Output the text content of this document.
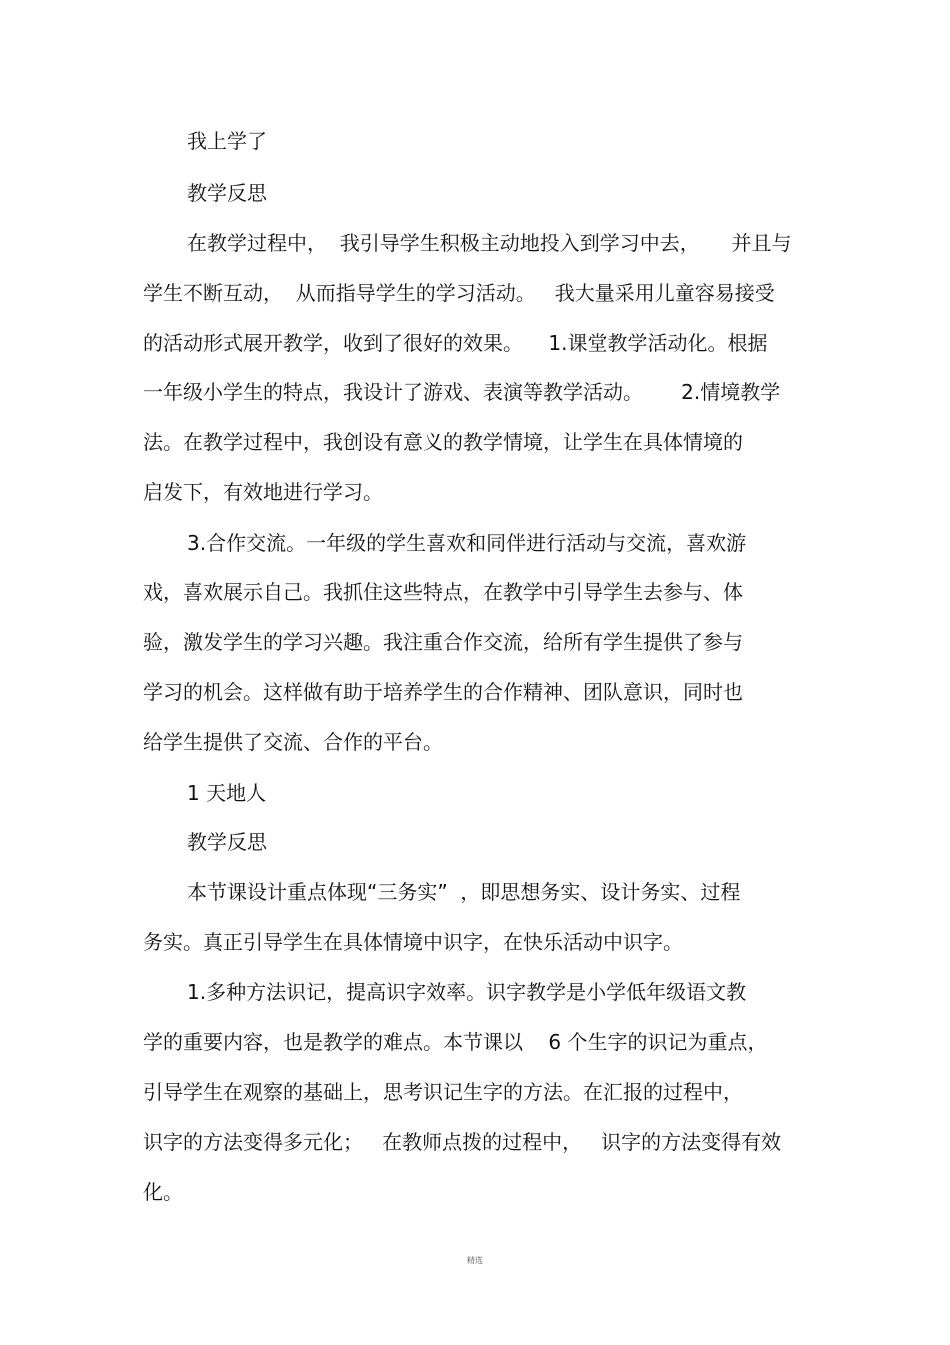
我上学了
教学反思
在教学过程中，  我引导学生积极主动地投入到学习中去，     并且与
学生不断互动，  从而指导学生的学习活动。   我大量采用儿童容易接受
的活动形式展开教学，收到了很好的效果。    1.课堂教学活动化。根据
一年级小学生的特点，我设计了游戏、表演等教学活动。      2.情境教学
法。在教学过程中，我创设有意义的教学情境，让学生在具体情境的
启发下，有效地进行学习。
3.合作交流。一年级的学生喜欢和同伴进行活动与交流，喜欢游
戏，喜欢展示自己。我抓住这些特点，在教学中引导学生去参与、体
验，激发学生的学习兴趣。我注重合作交流，给所有学生提供了参与
学习的机会。这样做有助于培养学生的合作精神、团队意识，同时也
给学生提供了交流、合作的平台。
1 天地人
教学反思
本节课设计重点体现“三务实”  ，即思想务实、设计务实、过程
务实。真正引导学生在具体情境中识字，在快乐活动中识字。
1.多种方法识记，提高识字效率。识字教学是小学低年级语文教
学的重要内容，也是教学的难点。本节课以    6 个生字的识记为重点，
引导学生在观察的基础上，思考识记生字的方法。在汇报的过程中，
识字的方法变得多元化；   在教师点拨的过程中，   识字的方法变得有效
化。
精选
